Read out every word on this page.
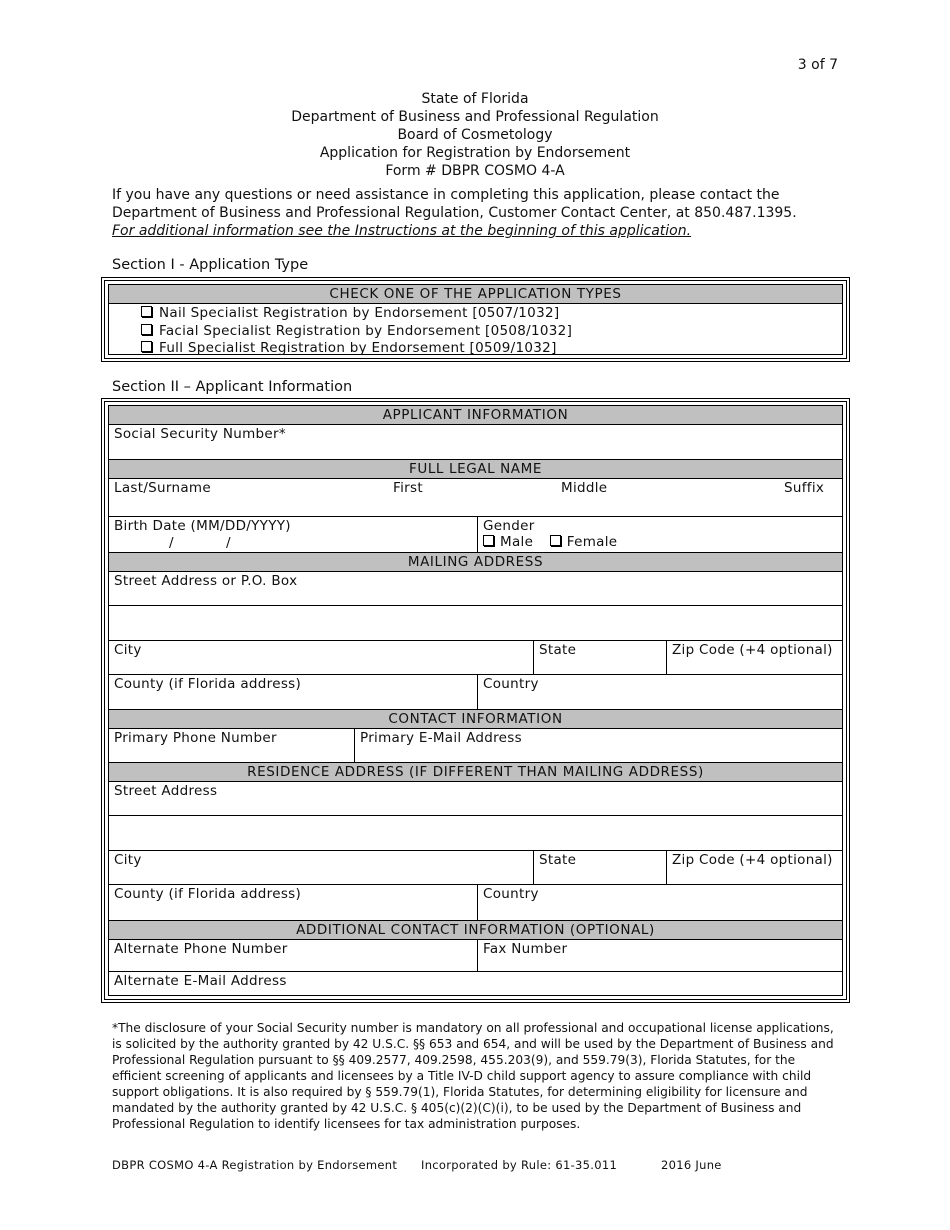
3 of 7
State of Florida
Department of Business and Professional Regulation
Board of Cosmetology
Application for Registration by Endorsement
Form # DBPR COSMO 4-A
If you have any questions or need assistance in completing this application, please contact the
Department of Business and Professional Regulation, Customer Contact Center, at 850.487.1395.
For additional information see the Instructions at the beginning of this application.
Section I - Application Type
CHECK ONE OF THE APPLICATION TYPES
Nail Specialist Registration by Endorsement [0507/1032]
Facial Specialist Registration by Endorsement [0508/1032]
Full Specialist Registration by Endorsement [0509/1032]
Section II – Applicant Information
APPLICANT INFORMATION
Social Security Number*
FULL LEGAL NAME
Last/Surname	First	Middle	Suffix
Birth Date (MM/DD/YYYY)
/	/
Gender
Male Female
MAILING ADDRESS
Street Address or P.O. Box
City	State	Zip Code (+4 optional)
County (if Florida address)	Country
CONTACT INFORMATION
Primary Phone Number	Primary E-Mail Address
RESIDENCE ADDRESS (IF DIFFERENT THAN MAILING ADDRESS)
Street Address
City	State	Zip Code (+4 optional)
County (if Florida address)	Country
ADDITIONAL CONTACT INFORMATION (OPTIONAL)
Alternate Phone Number	Fax Number
Alternate E-Mail Address
*The disclosure of your Social Security number is mandatory on all professional and occupational license applications, is solicited by the authority granted by 42 U.S.C. §§ 653 and 654, and will be used by the Department of Business and Professional Regulation pursuant to §§ 409.2577, 409.2598, 455.203(9), and 559.79(3), Florida Statutes, for the efficient screening of applicants and licensees by a Title IV-D child support agency to assure compliance with child support obligations. It is also required by § 559.79(1), Florida Statutes, for determining eligibility for licensure and mandated by the authority granted by 42 U.S.C. § 405(c)(2)(C)(i), to be used by the Department of Business and Professional Regulation to identify licensees for tax administration purposes.
DBPR COSMO 4-A Registration by Endorsement Incorporated by Rule: 61-35.011	2016 June
